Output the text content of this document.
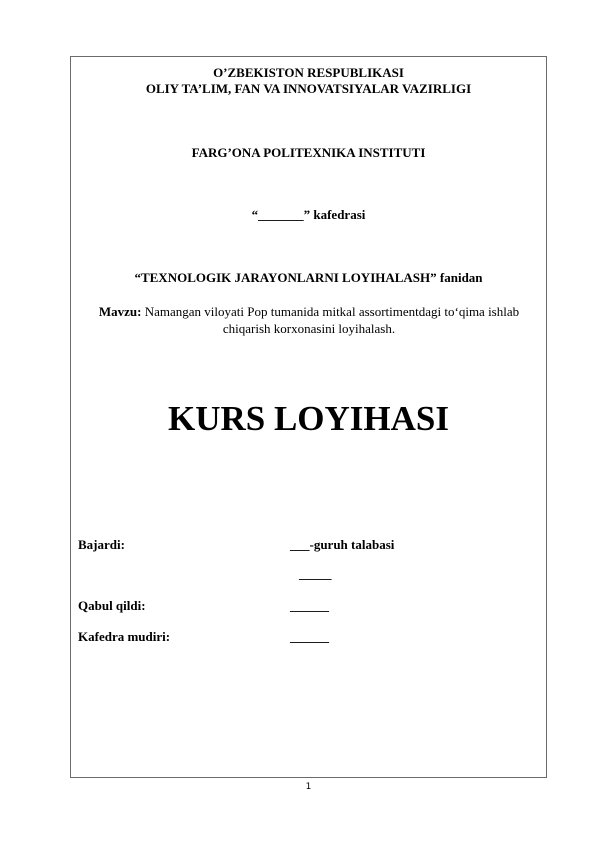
O’ZBEKISTON RESPUBLIKASI
OLIY TA’LIM, FAN VA INNOVATSIYALAR VAZIRLIGI
FARG’ONA POLITEXNIKA INSTITUTI
“_______” kafedrasi
“TEXNOLOGIK JARAYONLARNI LOYIHALASH” fanidan
Mavzu: Namangan viloyati Pop tumanida mitkal assortimentdagi to‘qima ishlab chiqarish korxonasini loyihalash.
KURS LOYIHASI
Bajardi:	___-guruh talabasi
_____
Qabul qildi:	______
Kafedra mudiri:	______
1
